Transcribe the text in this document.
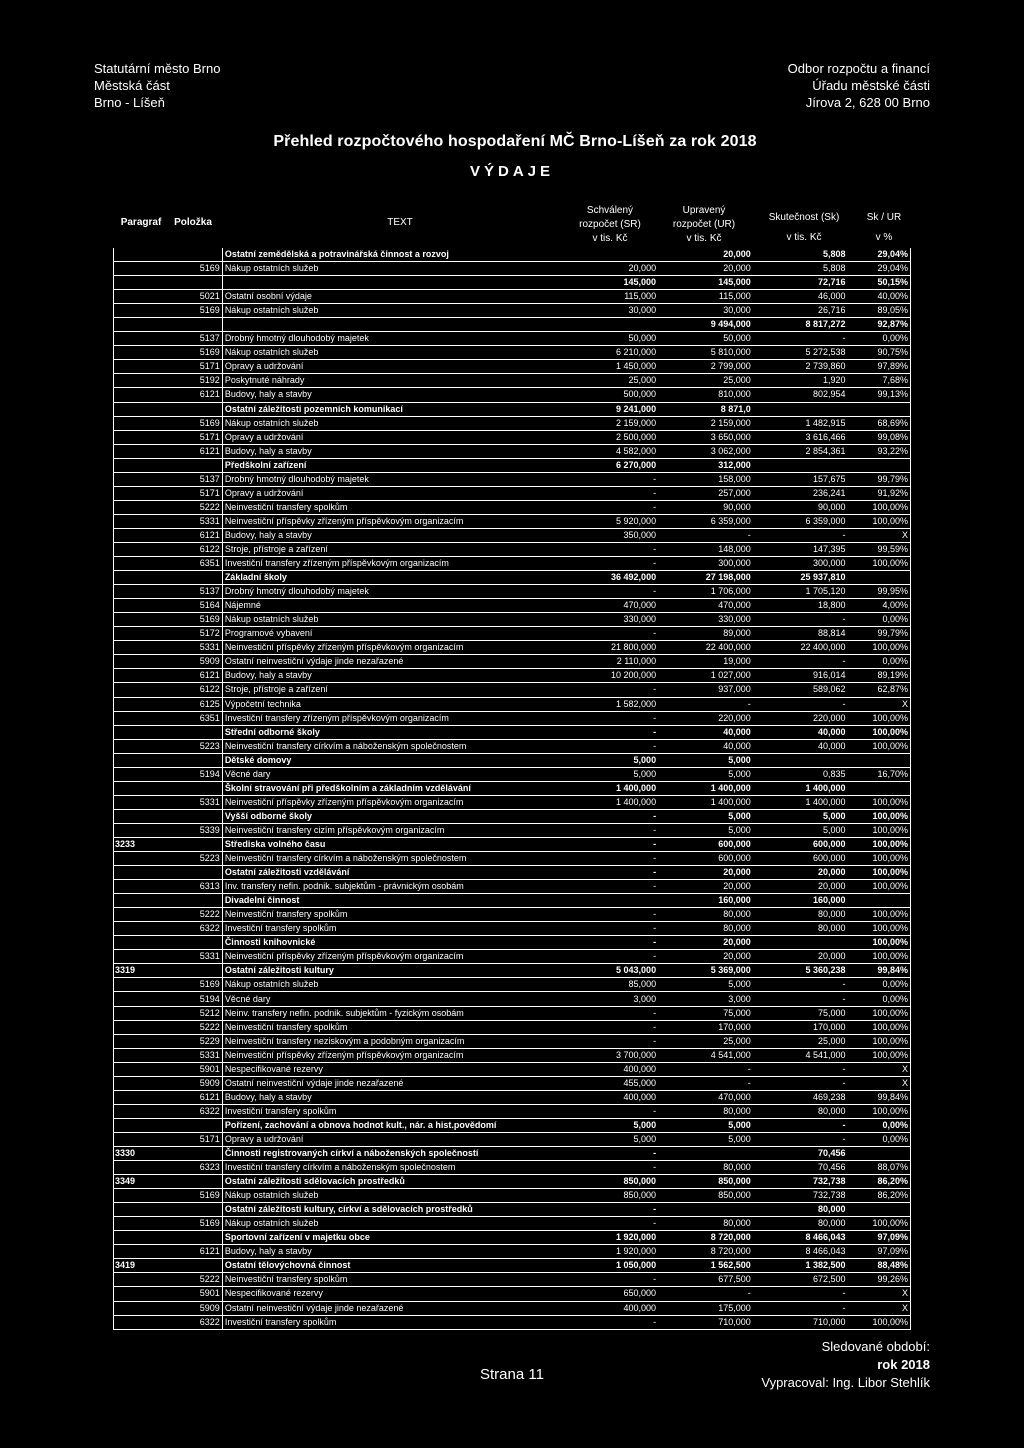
Statutární město Brno
Městská část
Brno - Líšeň
Odbor rozpočtu a financí
Úřadu městské části
Jírova 2, 628 00 Brno
Přehled rozpočtového hospodaření MČ Brno-Líšeň za rok 2018
VÝDAJE
Paragraf	Položka	TEXT
Schválený
rozpočet (SR)
v tis. Kč
Upravený
rozpočet (UR)
v tis. Kč
Skutečnost (Sk)
v tis. Kč
Sk / UR
v %
		Ostatní zemědělská a potravinářská činnost a rozvoj		20,000	5,808	29,04%
	5169	Nákup ostatních služeb	20,000	20,000	5,808	29,04%
			145,000	145,000	72,716	50,15%
	5021	Ostatní osobní výdaje	115,000	115,000	46,000	40,00%
	5169	Nákup ostatních služeb	30,000	30,000	26,716	89,05%
				9 494,000	8 817,272	92,87%
	5137	Drobný hmotný dlouhodobý majetek	50,000	50,000	-	0,00%
	5169	Nákup ostatních služeb	6 210,000	5 810,000	5 272,538	90,75%
	5171	Opravy a udržování	1 450,000	2 799,000	2 739,860	97,89%
	5192	Poskytnuté náhrady	25,000	25,000	1,920	7,68%
	6121	Budovy, haly a stavby	500,000	810,000	802,954	99,13%
		Ostatní záležitosti pozemních komunikací	9 241,000	8 871,0		
	5169	Nákup ostatních služeb	2 159,000	2 159,000	1 482,915	68,69%
	5171	Opravy a udržování	2 500,000	3 650,000	3 616,466	99,08%
	6121	Budovy, haly a stavby	4 582,000	3 062,000	2 854,361	93,22%
		Předškolní zařízení	6 270,000	312,000		
	5137	Drobný hmotný dlouhodobý majetek	-	158,000	157,675	99,79%
	5171	Opravy a udržování	-	257,000	236,241	91,92%
	5222	Neinvestiční transfery spolkům	-	90,000	90,000	100,00%
	5331	Neinvestiční příspěvky zřízeným příspěvkovým organizacím	5 920,000	6 359,000	6 359,000	100,00%
	6121	Budovy, haly a stavby	350,000	-	-	X
	6122	Stroje, přístroje a zařízení	-	148,000	147,395	99,59%
	6351	Investiční transfery zřízeným příspěvkovým organizacím	-	300,000	300,000	100,00%
		Základní školy	36 492,000	27 198,000	25 937,810	
	5137	Drobný hmotný dlouhodobý majetek	-	1 706,000	1 705,120	99,95%
	5164	Nájemné	470,000	470,000	18,800	4,00%
	5169	Nákup ostatních služeb	330,000	330,000	-	0,00%
	5172	Programové vybavení	-	89,000	88,814	99,79%
	5331	Neinvestiční příspěvky zřízeným příspěvkovým organizacím	21 800,000	22 400,000	22 400,000	100,00%
	5909	Ostatní neinvestiční výdaje jinde nezařazené	2 110,000	19,000	-	0,00%
	6121	Budovy, haly a stavby	10 200,000	1 027,000	916,014	89,19%
	6122	Stroje, přístroje a zařízení	-	937,000	589,062	62,87%
	6125	Výpočetní technika	1 582,000	-	-	X
	6351	Investiční transfery zřízeným příspěvkovým organizacím	-	220,000	220,000	100,00%
		Střední odborné školy	-	40,000	40,000	100,00%
	5223	Neinvestiční transfery církvím a náboženským společnostem	-	40,000	40,000	100,00%
		Dětské domovy	5,000	5,000		
	5194	Věcné dary	5,000	5,000	0,835	16,70%
		Školní stravování při předškolním a základním vzdělávání	1 400,000	1 400,000	1 400,000	
	5331	Neinvestiční příspěvky zřízeným příspěvkovým organizacím	1 400,000	1 400,000	1 400,000	100,00%
		Vyšší odborné školy	-	5,000	5,000	100,00%
	5339	Neinvestiční transfery cizím příspěvkovým organizacím	-	5,000	5,000	100,00%
3233		Střediska volného času	-	600,000	600,000	100,00%
	5223	Neinvestiční transfery církvím a náboženským společnostem	-	600,000	600,000	100,00%
		Ostatní záležitosti vzdělávání	-	20,000	20,000	100,00%
	6313	Inv. transfery nefin. podnik. subjektům - právnickým osobám	-	20,000	20,000	100,00%
		Divadelní činnost		160,000	160,000	
	5222	Neinvestiční transfery spolkům	-	80,000	80,000	100,00%
	6322	Investiční transfery spolkům	-	80,000	80,000	100,00%
		Činnosti knihovnické	-	20,000		100,00%
	5331	Neinvestiční příspěvky zřízeným příspěvkovým organizacím	-	20,000	20,000	100,00%
3319		Ostatní záležitosti kultury	5 043,000	5 369,000	5 360,238	99,84%
	5169	Nákup ostatních služeb	85,000	5,000	-	0,00%
	5194	Věcné dary	3,000	3,000	-	0,00%
	5212	Neinv. transfery nefin. podnik. subjektům - fyzickým osobám	-	75,000	75,000	100,00%
	5222	Neinvestiční transfery spolkům	-	170,000	170,000	100,00%
	5229	Neinvestiční transfery neziskovým a podobným organizacím	-	25,000	25,000	100,00%
	5331	Neinvestiční příspěvky zřízeným příspěvkovým organizacím	3 700,000	4 541,000	4 541,000	100,00%
	5901	Nespecifikované rezervy	400,000	-	-	X
	5909	Ostatní neinvestiční výdaje jinde nezařazené	455,000	-	-	X
	6121	Budovy, haly a stavby	400,000	470,000	469,238	99,84%
	6322	Investiční transfery spolkům	-	80,000	80,000	100,00%
		Pořízení, zachování a obnova hodnot kult., nár. a hist.povědomí	5,000	5,000	-	0,00%
	5171	Opravy a udržování	5,000	5,000	-	0,00%
3330		Činnosti registrovaných církví a náboženských společností	-		70,456	
	6323	Investiční transfery církvím a náboženským společnostem	-	80,000	70,456	88,07%
3349		Ostatní záležitosti sdělovacích prostředků	850,000	850,000	732,738	86,20%
	5169	Nákup ostatních služeb	850,000	850,000	732,738	86,20%
		Ostatní záležitosti kultury, církví a sdělovacích prostředků	-		80,000	
	5169	Nákup ostatních služeb	-	80,000	80,000	100,00%
		Sportovní zařízení v majetku obce	1 920,000	8 720,000	8 466,043	97,09%
	6121	Budovy, haly a stavby	1 920,000	8 720,000	8 466,043	97,09%
3419		Ostatní tělovýchovná činnost	1 050,000	1 562,500	1 382,500	88,48%
	5222	Neinvestiční transfery spolkům	-	677,500	672,500	99,26%
	5901	Nespecifikované rezervy	650,000	-	-	X
	5909	Ostatní neinvestiční výdaje jinde nezařazené	400,000	175,000	-	X
	6322	Investiční transfery spolkům	-	710,000	710,000	100,00%
Strana 11
Sledované období:
rok 2018
Vypracoval: Ing. Libor Stehlík
